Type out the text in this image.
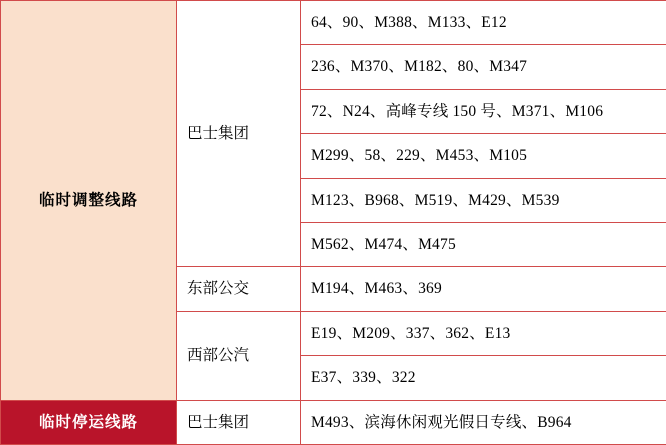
临时调整线路	巴士集团	64、90、M388、M133、E12
		236、M370、M182、80、M347
		72、N24、高峰专线 150 号、M371、M106
		M299、58、229、M453、M105
		M123、B968、M519、M429、M539
		M562、M474、M475
	东部公交	M194、M463、369
	西部公汽	E19、M209、337、362、E13
		E37、339、322
临时停运线路	巴士集团	M493、滨海休闲观光假日专线、B964
